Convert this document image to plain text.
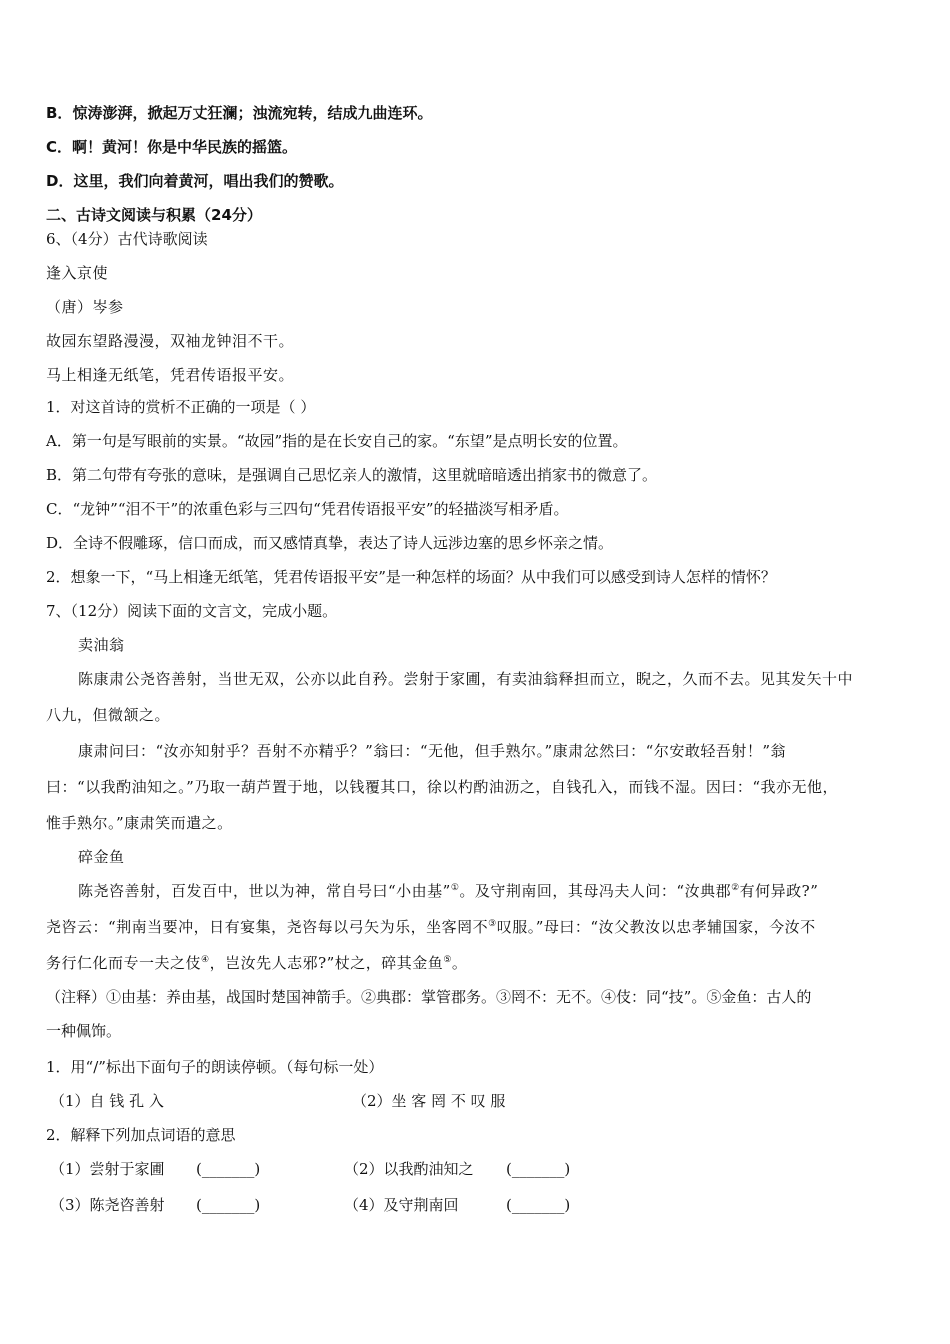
B．惊涛澎湃，掀起万丈狂澜；浊流宛转，结成九曲连环。
C．啊！黄河！你是中华民族的摇篮。
D．这里，我们向着黄河，唱出我们的赞歌。
二、古诗文阅读与积累（24分）
6、（4分）古代诗歌阅读
逢入京使
（唐）岑参
故园东望路漫漫，双袖龙钟泪不干。
马上相逢无纸笔，凭君传语报平安。
1．对这首诗的赏析不正确的一项是（ ）
A．第一句是写眼前的实景。“故园”指的是在长安自己的家。“东望”是点明长安的位置。
B．第二句带有夸张的意味，是强调自己思忆亲人的激情，这里就暗暗透出捎家书的微意了。
C．“龙钟”“泪不干”的浓重色彩与三四句“凭君传语报平安”的轻描淡写相矛盾。
D．全诗不假雕琢，信口而成，而又感情真挚，表达了诗人远涉边塞的思乡怀亲之情。
2．想象一下，“马上相逢无纸笔，凭君传语报平安”是一种怎样的场面？从中我们可以感受到诗人怎样的情怀？
7、（12分）阅读下面的文言文，完成小题。
卖油翁
陈康肃公尧咨善射，当世无双，公亦以此自矜。尝射于家圃，有卖油翁释担而立，睨之，久而不去。见其发矢十中
八九，但微颔之。
康肃问曰：“汝亦知射乎？吾射不亦精乎？”翁曰：“无他，但手熟尔。”康肃忿然曰：“尔安敢轻吾射！”翁
曰：“以我酌油知之。”乃取一葫芦置于地，以钱覆其口，徐以杓酌油沥之，自钱孔入，而钱不湿。因曰：“我亦无他，
惟手熟尔。”康肃笑而遣之。
碎金鱼
陈尧咨善射，百发百中，世以为神，常自号曰“小由基”①。及守荆南回，其母冯夫人问：“汝典郡②有何异政?”
尧咨云：“荆南当要冲，日有宴集，尧咨每以弓矢为乐，坐客罔不③叹服。”母曰：“汝父教汝以忠孝辅国家，今汝不
务行仁化而专一夫之伎④，岂汝先人志邪?”杖之，碎其金鱼⑤。
（注释）①由基：养由基，战国时楚国神箭手。②典郡：掌管郡务。③罔不：无不。④伎：同“技”。⑤金鱼：古人的
一种佩饰。
1．用“/”标出下面句子的朗读停顿。（每句标一处）
（1）自 钱 孔 入	（2）坐 客 罔 不 叹 服
2．解释下列加点词语的意思
（1）尝射于家圃 (_______)	（2）以我酌油知之 (_______)
（3）陈尧咨善射 (_______)	（4）及守荆南回	(_______)
